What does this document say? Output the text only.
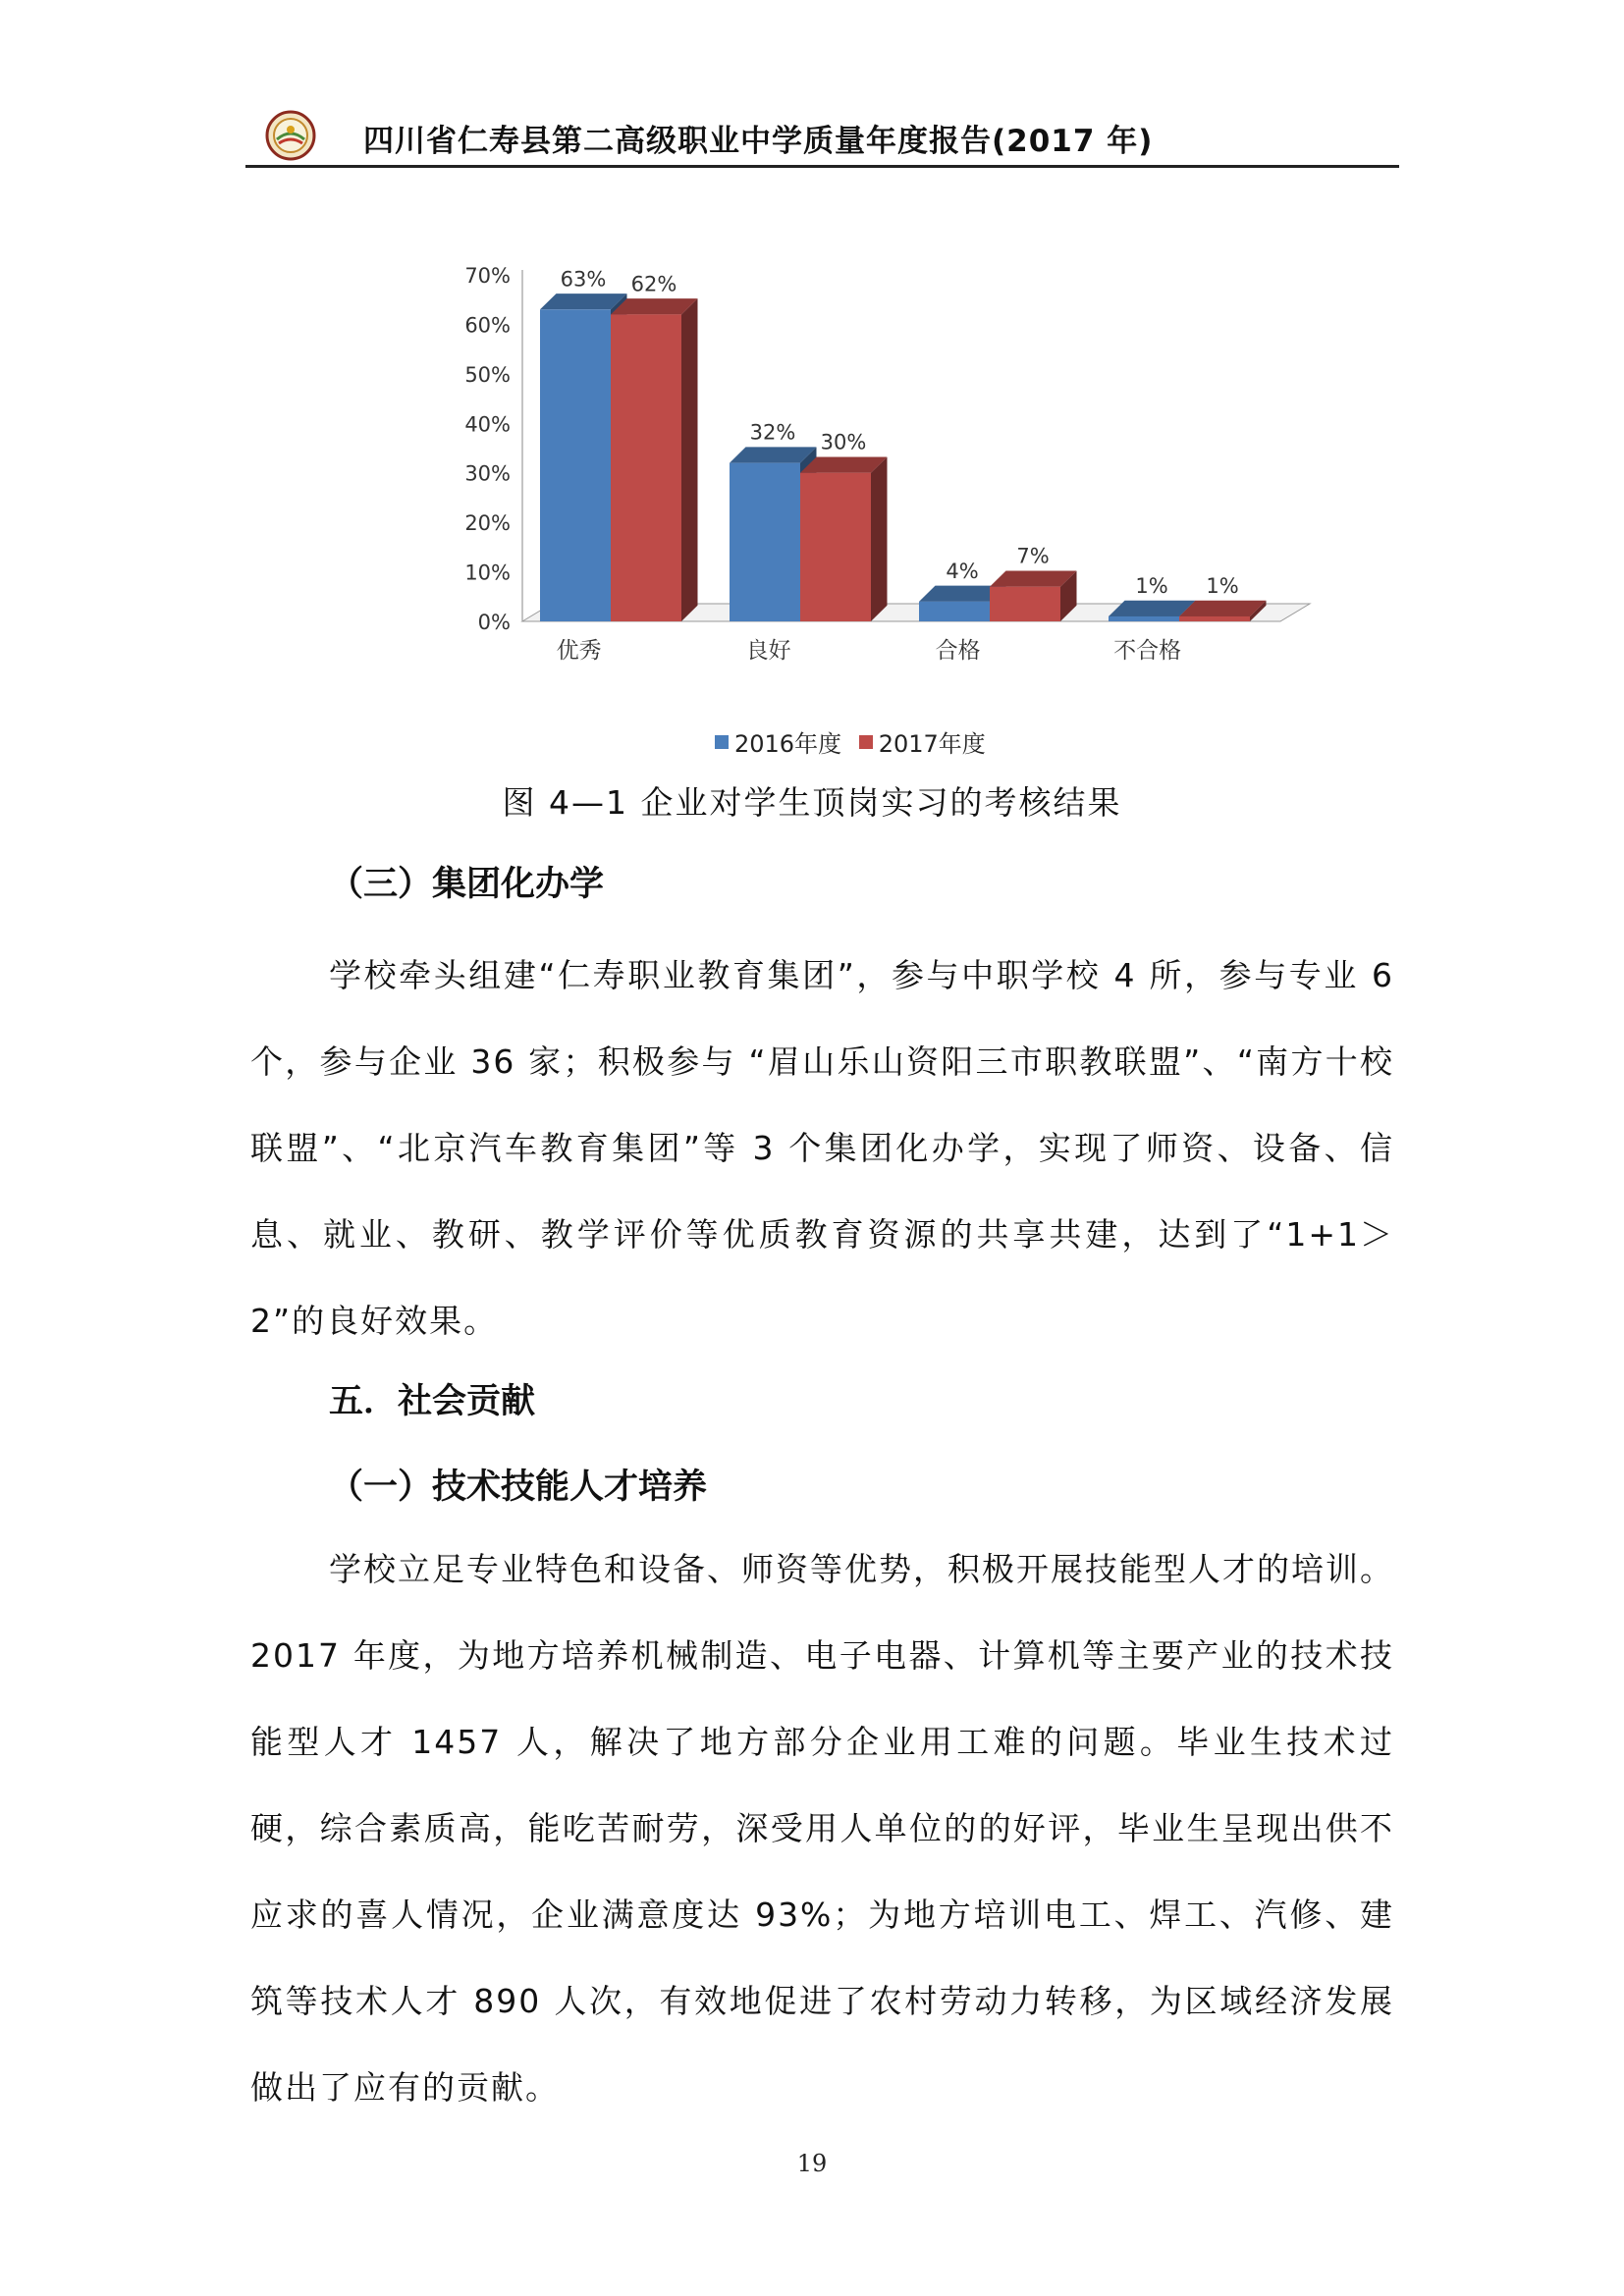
四川省仁寿县第二高级职业中学质量年度报告(2017 年)
0%
10%
20%
30%
40%
50%
60%
70% 63% 62%
优秀
32% 30%
良好
4%
7%
合格
1% 1%
不合格
2016年度
2017年度
图 4—1 企业对学生顶岗实习的考核结果
（三）集团化办学
学校牵头组建“仁寿职业教育集团”，参与中职学校 4 所，参与专业 6 个，参与企业 36 家；积极参与 “眉山乐山资阳三市职教联盟”、“南方十校联盟”、“北京汽车教育集团”等 3 个集团化办学，实现了师资、设备、信息、就业、教研、教学评价等优质教育资源的共享共建，达到了“1+1＞2”的良好效果。
五．社会贡献
（一）技术技能人才培养
学校立足专业特色和设备、师资等优势，积极开展技能型人才的培训。2017 年度，为地方培养机械制造、电子电器、计算机等主要产业的技术技能型人才 1457 人，解决了地方部分企业用工难的问题。毕业生技术过硬，综合素质高，能吃苦耐劳，深受用人单位的的好评，毕业生呈现出供不应求的喜人情况，企业满意度达 93%；为地方培训电工、焊工、汽修、建筑等技术人才 890 人次，有效地促进了农村劳动力转移，为区域经济发展做出了应有的贡献。
19
